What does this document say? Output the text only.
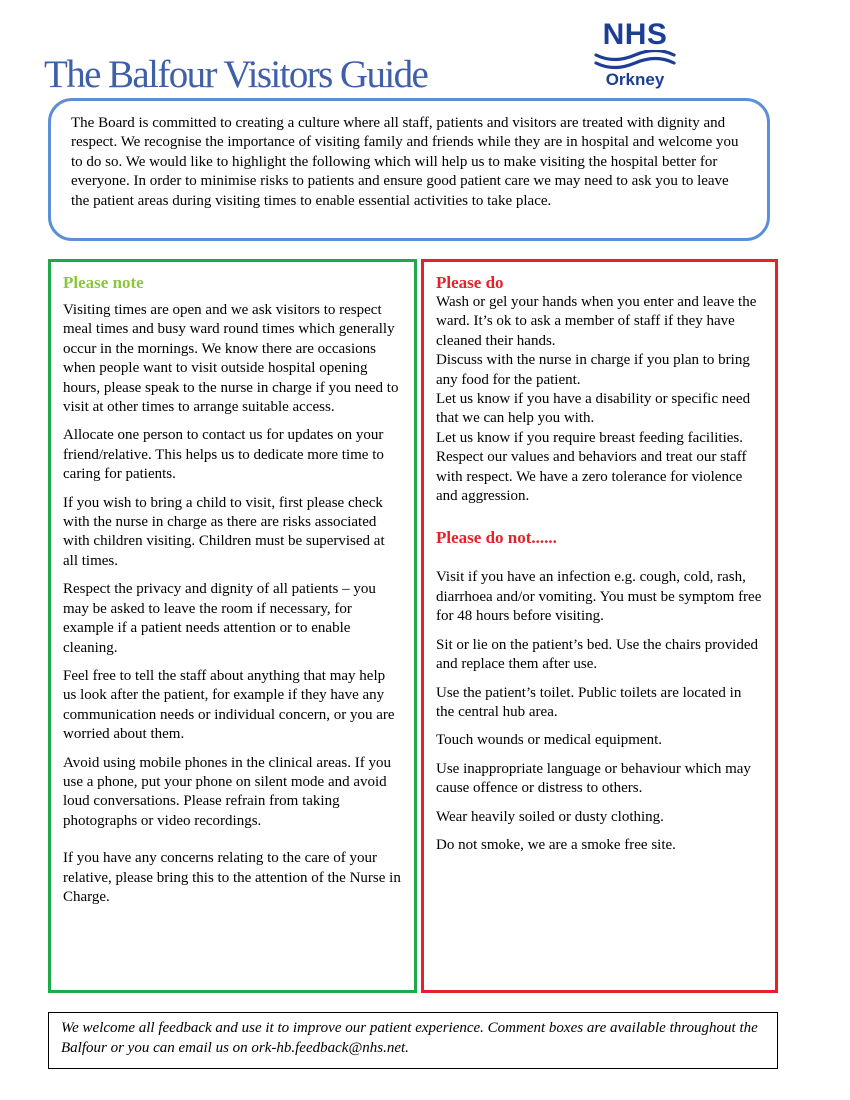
The Balfour Visitors Guide
NHS
Orkney

The Board is committed to creating a culture where all staff, patients and visitors are treated with dignity and respect. We recognise the importance of visiting family and friends while they are in hospital and welcome you to do so. We would like to highlight the following which will help us to make visiting the hospital better for everyone. In order to minimise risks to patients and ensure good patient care we may need to ask you to leave the patient areas during visiting times to enable essential activities to take place.

Please note

Visiting times are open and we ask visitors to respect meal times and busy ward round times which generally occur in the mornings. We know there are occasions when people want to visit outside hospital opening hours, please speak to the nurse in charge if you need to visit at other times to arrange suitable access.

Allocate one person to contact us for updates on your friend/relative. This helps us to dedicate more time to caring for patients.

If you wish to bring a child to visit, first please check with the nurse in charge as there are risks associated with children visiting. Children must be supervised at all times.

Respect the privacy and dignity of all patients – you may be asked to leave the room if necessary, for example if a patient needs attention or to enable cleaning.

Feel free to tell the staff about anything that may help us look after the patient, for example if they have any communication needs or individual concern, or you are worried about them.

Avoid using mobile phones in the clinical areas. If you use a phone, put your phone on silent mode and avoid loud conversations. Please refrain from taking photographs or video recordings.

If you have any concerns relating to the care of your relative, please bring this to the attention of the Nurse in Charge.

Please do

Wash or gel your hands when you enter and leave the ward. It’s ok to ask a member of staff if they have cleaned their hands.

Discuss with the nurse in charge if you plan to bring any food for the patient.

Let us know if you have a disability or specific need that we can help you with.

Let us know if you require breast feeding facilities.

Respect our values and behaviors and treat our staff with respect. We have a zero tolerance for violence and aggression.

Please do not......

Visit if you have an infection e.g. cough, cold, rash, diarrhoea and/or vomiting. You must be symptom free for 48 hours before visiting.

Sit or lie on the patient’s bed. Use the chairs provided and replace them after use.

Use the patient’s toilet. Public toilets are located in the central hub area.

Touch wounds or medical equipment.

Use inappropriate language or behaviour which may cause offence or distress to others.

Wear heavily soiled or dusty clothing.

Do not smoke, we are a smoke free site.

We welcome all feedback and use it to improve our patient experience. Comment boxes are available throughout the Balfour or you can email us on ork-hb.feedback@nhs.net.
